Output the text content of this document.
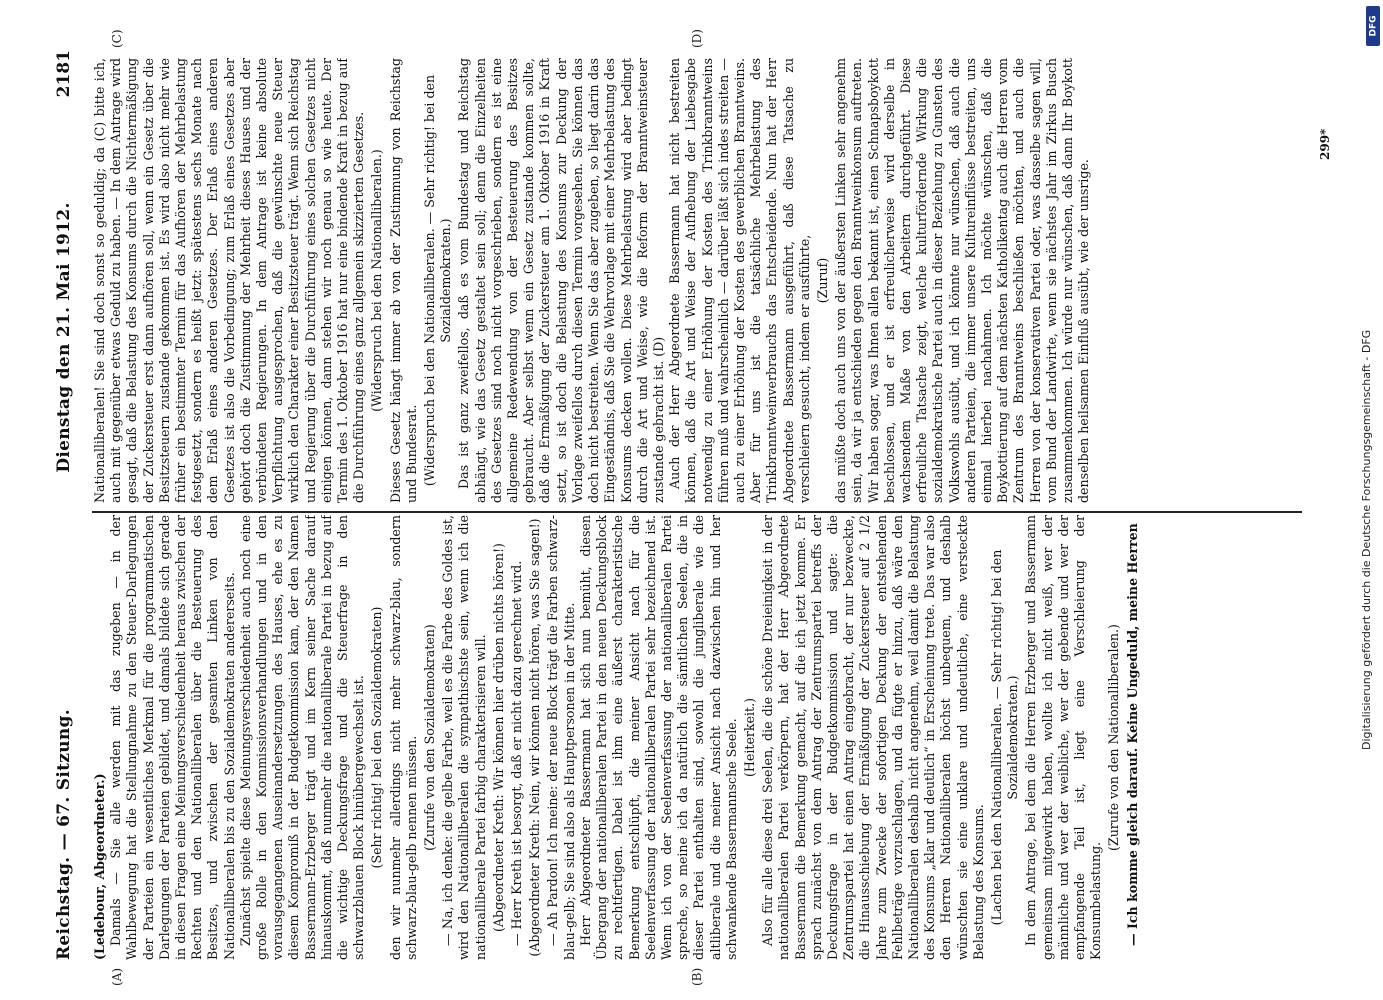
Reichstag. — 67. Sitzung.
Dienstag den 21. Mai 1912.
2181
(A)	(B)
(C)	(D)

(Ledebour, Abgeordneter.) Damals — Sie alle werden mit das zugeben — in der Wahlbewegung hat die Stellungnahme zu den Steuer-Darlegungen der Parteien ein wesentliches Merkmal für die programmatischen Darlegungen der Parteien gebildet, und damals bildete sich gerade in diesen Fragen eine Meinungsverschiedenheit heraus zwischen der Rechten und den Nationalliberalen über die Besteuerung des Besitzes, und zwischen der gesamten Linken von den Nationalliberalen bis zu den Sozialdemokraten andererseits. Zunächst spielte diese Meinungsverschiedenheit auch noch eine große Rolle in den Kommissionsverhandlungen und in den vorausgegangenen Auseinandersetzungen des Hauses, ehe es zu diesem Kompromiß in der Budgetkommission kam, der den Namen Bassermann-Erzberger trägt und im Kern seiner Sache darauf hinauskommt, daß nunmehr die nationalliberale Partei in bezug auf die wichtige Deckungsfrage und die Steuerfrage in den schwarzblauen Block hinübergewechselt ist. (Sehr richtig! bei den Sozialdemokraten) den wir nunmehr allerdings nicht mehr schwarz-blau, sondern schwarz-blau-gelb nennen müssen. (Zurufe von den Sozialdemokraten) — Na, ich denke: die gelbe Farbe, weil es die Farbe des Goldes ist, wird den Nationalliberalen die sympathischste sein, wenn ich die nationalliberale Partei farbig charakterisieren will. (Abgeordneter Kreth: Wir können hier drüben nichts hören!) — Herr Kreth ist besorgt, daß er nicht dazu gerechnet wird. (Abgeordneter Kreth: Nein, wir können nicht hören, was Sie sagen!) — Ah Pardon! Ich meine: der neue Block trägt die Farben schwarz-blau-gelb; Sie sind also als Hauptpersonen in der Mitte. Herr Abgeordneter Bassermann hat sich nun bemüht, diesen Übergang der nationalliberalen Partei in den neuen Deckungsblock zu rechtfertigen. Dabei ist ihm eine äußerst charakteristische Bemerkung entschlüpft, die meiner Ansicht nach für die Seelenverfassung der nationalliberalen Partei sehr bezeichnend ist. Wenn ich von der Seelenverfassung der nationalliberalen Partei spreche, so meine ich da natürlich die sämtlichen Seelen, die in dieser Partei enthalten sind, sowohl die jungliberale wie die altliberale und die meiner Ansicht nach dazwischen hin und her schwankende Bassermannsche Seele. (Heiterkeit.) Also für alle diese drei Seelen, die die schöne Dreieinigkeit in der nationalliberalen Partei verkörpern, hat der Herr Abgeordnete Bassermann die Bemerkung gemacht, auf die ich jetzt komme. Er sprach zunächst von dem Antrag der Zentrumspartei betreffs der Deckungsfrage in der Budgetkommission und sagte: die Zentrumspartei hat einen Antrag eingebracht, der nur bezweckte, die Hinausschiebung der Ermäßigung der Zuckersteuer auf 2 1/2 Jahre zum Zwecke der sofortigen Deckung der entstehenden Fehlbeträge vorzuschlagen, und da fügte er hinzu, daß wäre den Nationalliberalen deshalb nicht angenehm, weil damit die Belastung des Konsums „klar und deutlich“ in Erscheinung trete. Das war also den Herren Nationalliberalen höchst unbequem, und deshalb wünschten sie eine unklare und undeutliche, eine versteckte Belastung des Konsums. (Lachen bei den Nationalliberalen. — Sehr richtig! bei den Sozialdemokraten.) In dem Antrage, bei dem die Herren Erzberger und Bassermann gemeinsam mitgewirkt haben, wollte ich nicht weiß, wer der männliche und wer der weibliche, wer der gebende und wer der empfangende Teil ist, liegt eine Verschleierung der Konsumbelastung.

(Zurufe von den Nationalliberalen.) — Ich komme gleich darauf. Keine Ungeduld, meine Herren

Nationalliberalen! Sie sind doch sonst so geduldig; da (C) bitte ich, auch mit gegenüber etwas Geduld zu haben. — In dem Antrage wird gesagt, daß die Belastung des Konsums durch die Nichtermäßigung der Zuckersteuer erst dann aufhören soll, wenn ein Gesetz über die Besitzsteuern zustande gekommen ist. Es wird also nicht mehr wie früher ein bestimmter Termin für das Aufhören der Mehrbelastung festgesetzt, sondern es heißt jetzt: spätestens sechs Monate nach dem Erlaß eines anderen Gesetzes. Der Erlaß eines anderen Gesetzes ist also die Vorbedingung; zum Erlaß eines Gesetzes aber gehört doch die Zustimmung der Mehrheit dieses Hauses und der verbündeten Regierungen. In dem Antrage ist keine absolute Verpflichtung ausgesprochen, daß die gewünschte neue Steuer wirklich den Charakter einer Besitzsteuer trägt. Wenn sich Reichstag und Regierung über die Durchführung eines solchen Gesetzes nicht einigen können, dann stehen wir noch genau so wie heute. Der Termin des 1. Oktober 1916 hat nur eine bindende Kraft in bezug auf die Durchführung eines ganz allgemein skizzierten Gesetzes. (Widerspruch bei den Nationalliberalen.) Dieses Gesetz hängt immer ab von der Zustimmung von Reichstag und Bundesrat. (Widerspruch bei den Nationalliberalen. — Sehr richtig! bei den Sozialdemokraten.) Das ist ganz zweifellos, daß es vom Bundestag und Reichstag abhängt, wie das Gesetz gestaltet sein soll; denn die Einzelheiten des Gesetzes sind noch nicht vorgeschrieben, sondern es ist eine allgemeine Redewendung von der Besteuerung des Besitzes gebraucht. Aber selbst wenn ein Gesetz zustande kommen sollte, daß die Ermäßigung der Zuckersteuer am 1. Oktober 1916 in Kraft setzt, so ist doch die Belastung des Konsums zur Deckung der Vorlage zweifellos durch diesen Termin vorgesehen. Sie können das doch nicht bestreiten. Wenn Sie das aber zugeben, so liegt darin das Eingeständnis, daß Sie die Wehrvorlage mit einer Mehrbelastung des Konsums decken wollen. Diese Mehrbelastung wird aber bedingt durch die Art und Weise, wie die Reform der Branntweinsteuer zustande gebracht ist. (D) Auch der Herr Abgeordnete Bassermann hat nicht bestreiten können, daß die Art und Weise der Aufhebung der Liebesgabe notwendig zu einer Erhöhung der Kosten des Trinkbranntweins führen muß und wahrscheinlich — darüber läßt sich indes streiten — auch zu einer Erhöhung der Kosten des gewerblichen Branntweins. Aber für uns ist die tatsächliche Mehrbelastung des Trinkbranntweinverbrauchs das Entscheidende. Nun hat der Herr Abgeordnete Bassermann ausgeführt, daß diese Tatsache zu verschleiern gesucht, indem er ausführte, (Zuruf) das müßte doch auch uns von der äußersten Linken sehr angenehm sein, da wir ja entschieden gegen den Branntweinkonsum auftreten. Wir haben sogar, was Ihnen allen bekannt ist, einen Schnapsboykott beschlossen, und er ist erfreulicherweise wird derselbe in wachsendem Maße von den Arbeitern durchgeführt. Diese erfreuliche Tatsache zeigt, welche kulturfördernde Wirkung die sozialdemokratische Partei auch in dieser Beziehung zu Gunsten des Volkswohls ausübt, und ich könnte nur wünschen, daß auch die anderen Parteien, die immer unsere Kultureinflüsse bestreiten, uns einmal hierbei nachahmen. Ich möchte wünschen, daß die Boykottierung auf dem nächsten Katholikentag auch die Herren vom Zentrum des Branntweins beschließen möchten, und auch die Herren von der konservativen Partei oder, was dasselbe sagen will, vom Bund der Landwirte, wenn sie nächstes Jahr im Zirkus Busch zusammenkommen. Ich würde nur wünschen, daß dann Ihr Boykott denselben heilsamen Einfluß ausübt, wie der unsrige.

299*
Digitalisierung gefördert durch die Deutsche Forschungsgemeinschaft - DFG
DFG
